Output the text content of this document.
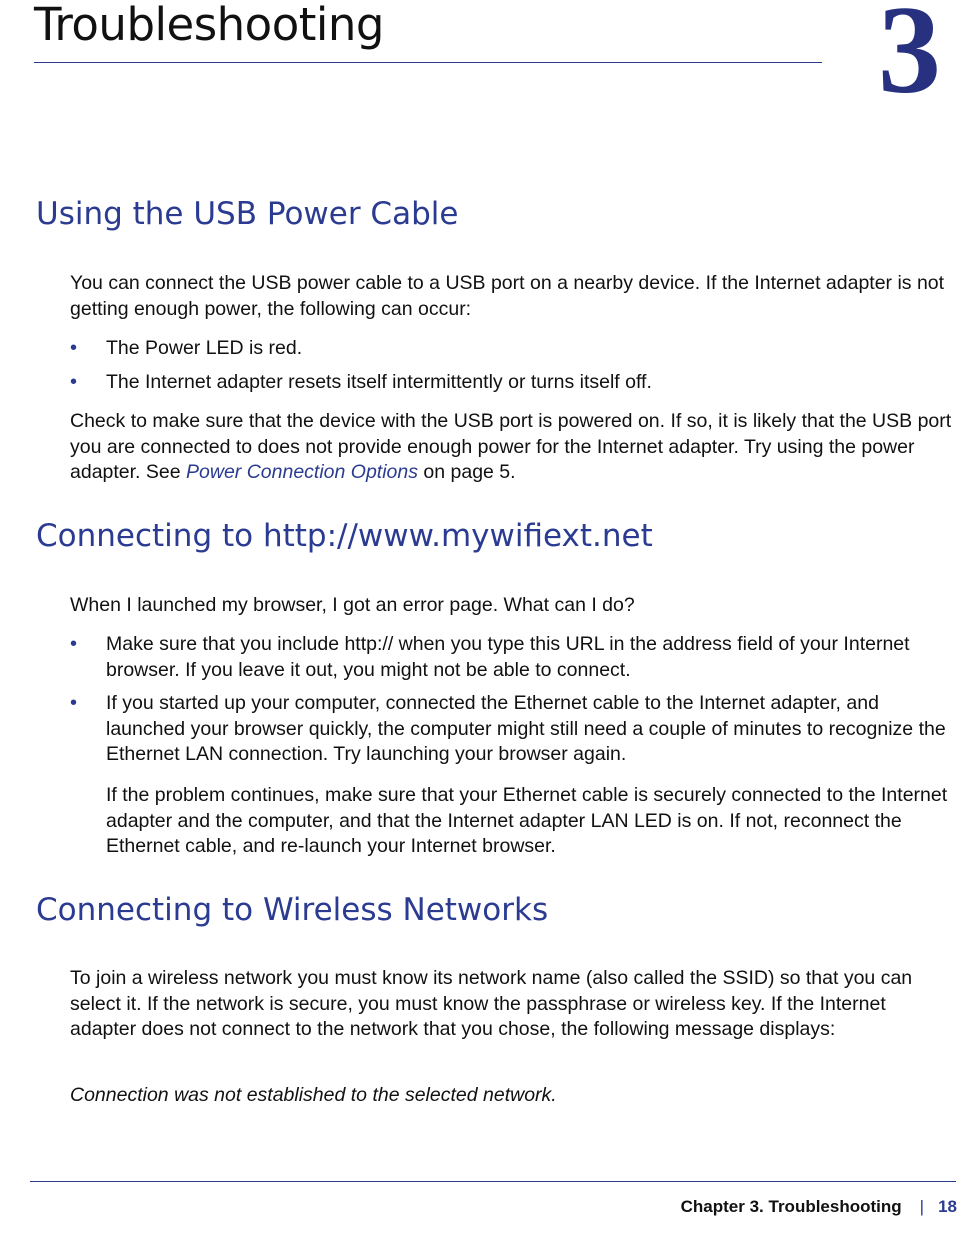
Troubleshooting	3
Using the USB Power Cable

You can connect the USB power cable to a USB port on a nearby device. If the Internet adapter is not getting enough power, the following can occur:

• The Power LED is red.
• The Internet adapter resets itself intermittently or turns itself off.

Check to make sure that the device with the USB port is powered on. If so, it is likely that the USB port you are connected to does not provide enough power for the Internet adapter. Try using the power adapter. See Power Connection Options on page 5.

Connecting to http://www.mywifiext.net

When I launched my browser, I got an error page. What can I do?

• Make sure that you include http:// when you type this URL in the address field of your Internet browser. If you leave it out, you might not be able to connect.
• If you started up your computer, connected the Ethernet cable to the Internet adapter, and launched your browser quickly, the computer might still need a couple of minutes to recognize the Ethernet LAN connection. Try launching your browser again.

If the problem continues, make sure that your Ethernet cable is securely connected to the Internet adapter and the computer, and that the Internet adapter LAN LED is on. If not, reconnect the Ethernet cable, and re-launch your Internet browser.

Connecting to Wireless Networks

To join a wireless network you must know its network name (also called the SSID) so that you can select it. If the network is secure, you must know the passphrase or wireless key. If the Internet adapter does not connect to the network that you chose, the following message displays:

Connection was not established to the selected network.

Chapter 3. Troubleshooting | 18
